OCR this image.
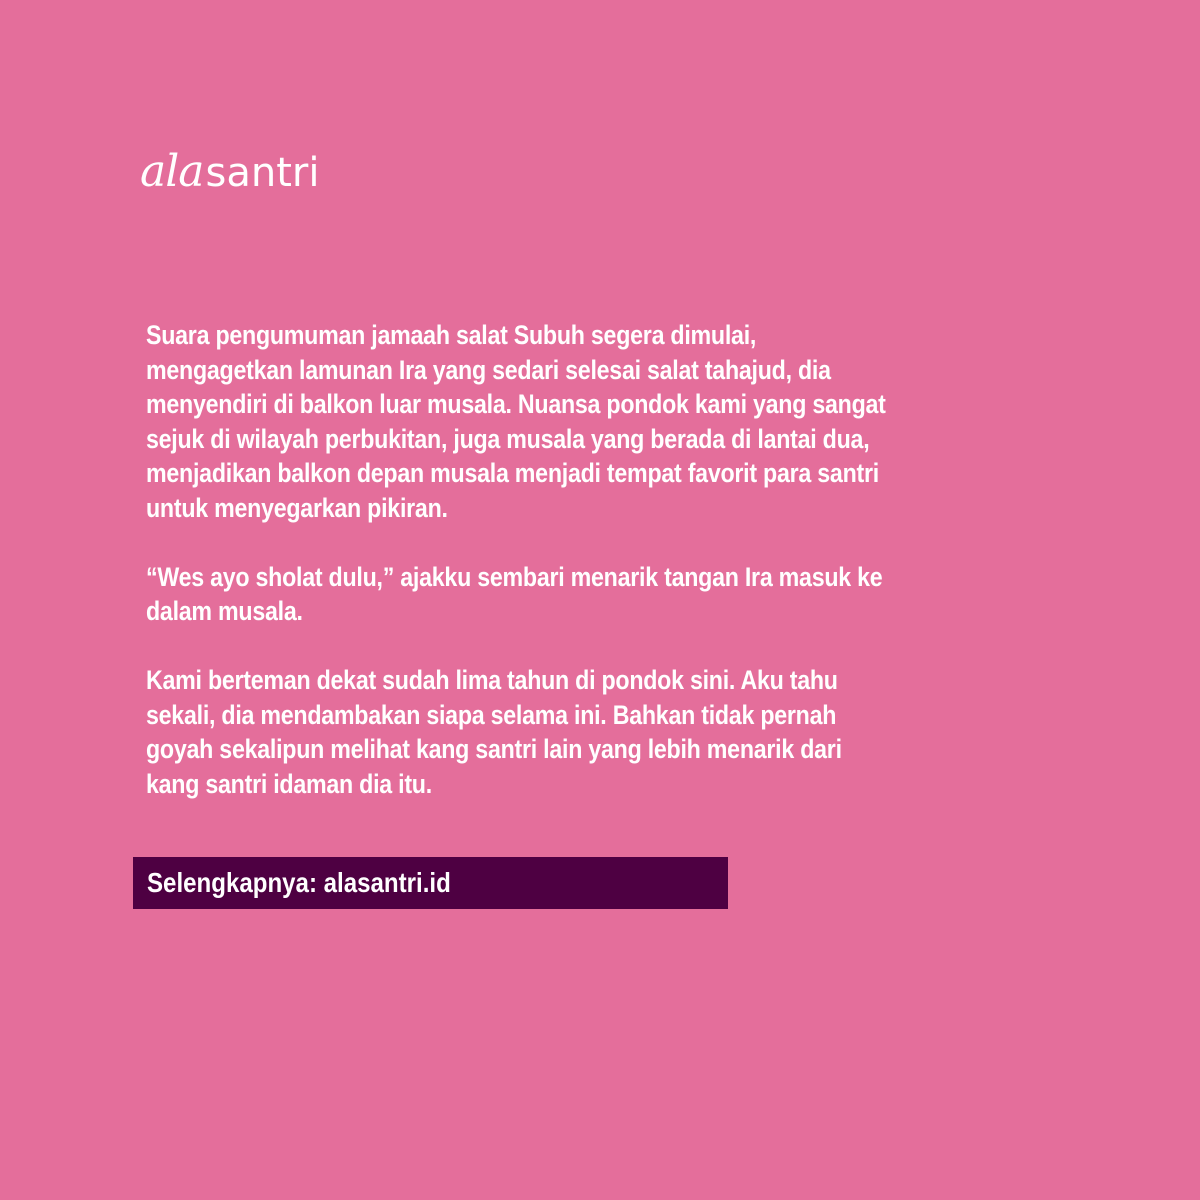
alasantri

Suara pengumuman jamaah salat Subuh segera dimulai, mengagetkan lamunan Ira yang sedari selesai salat tahajud, dia menyendiri di balkon luar musala. Nuansa pondok kami yang sangat sejuk di wilayah perbukitan, juga musala yang berada di lantai dua, menjadikan balkon depan musala menjadi tempat favorit para santri untuk menyegarkan pikiran.

“Wes ayo sholat dulu,” ajakku sembari menarik tangan Ira masuk ke dalam musala.

Kami berteman dekat sudah lima tahun di pondok sini. Aku tahu sekali, dia mendambakan siapa selama ini. Bahkan tidak pernah goyah sekalipun melihat kang santri lain yang lebih menarik dari kang santri idaman dia itu.

Selengkapnya: alasantri.id
